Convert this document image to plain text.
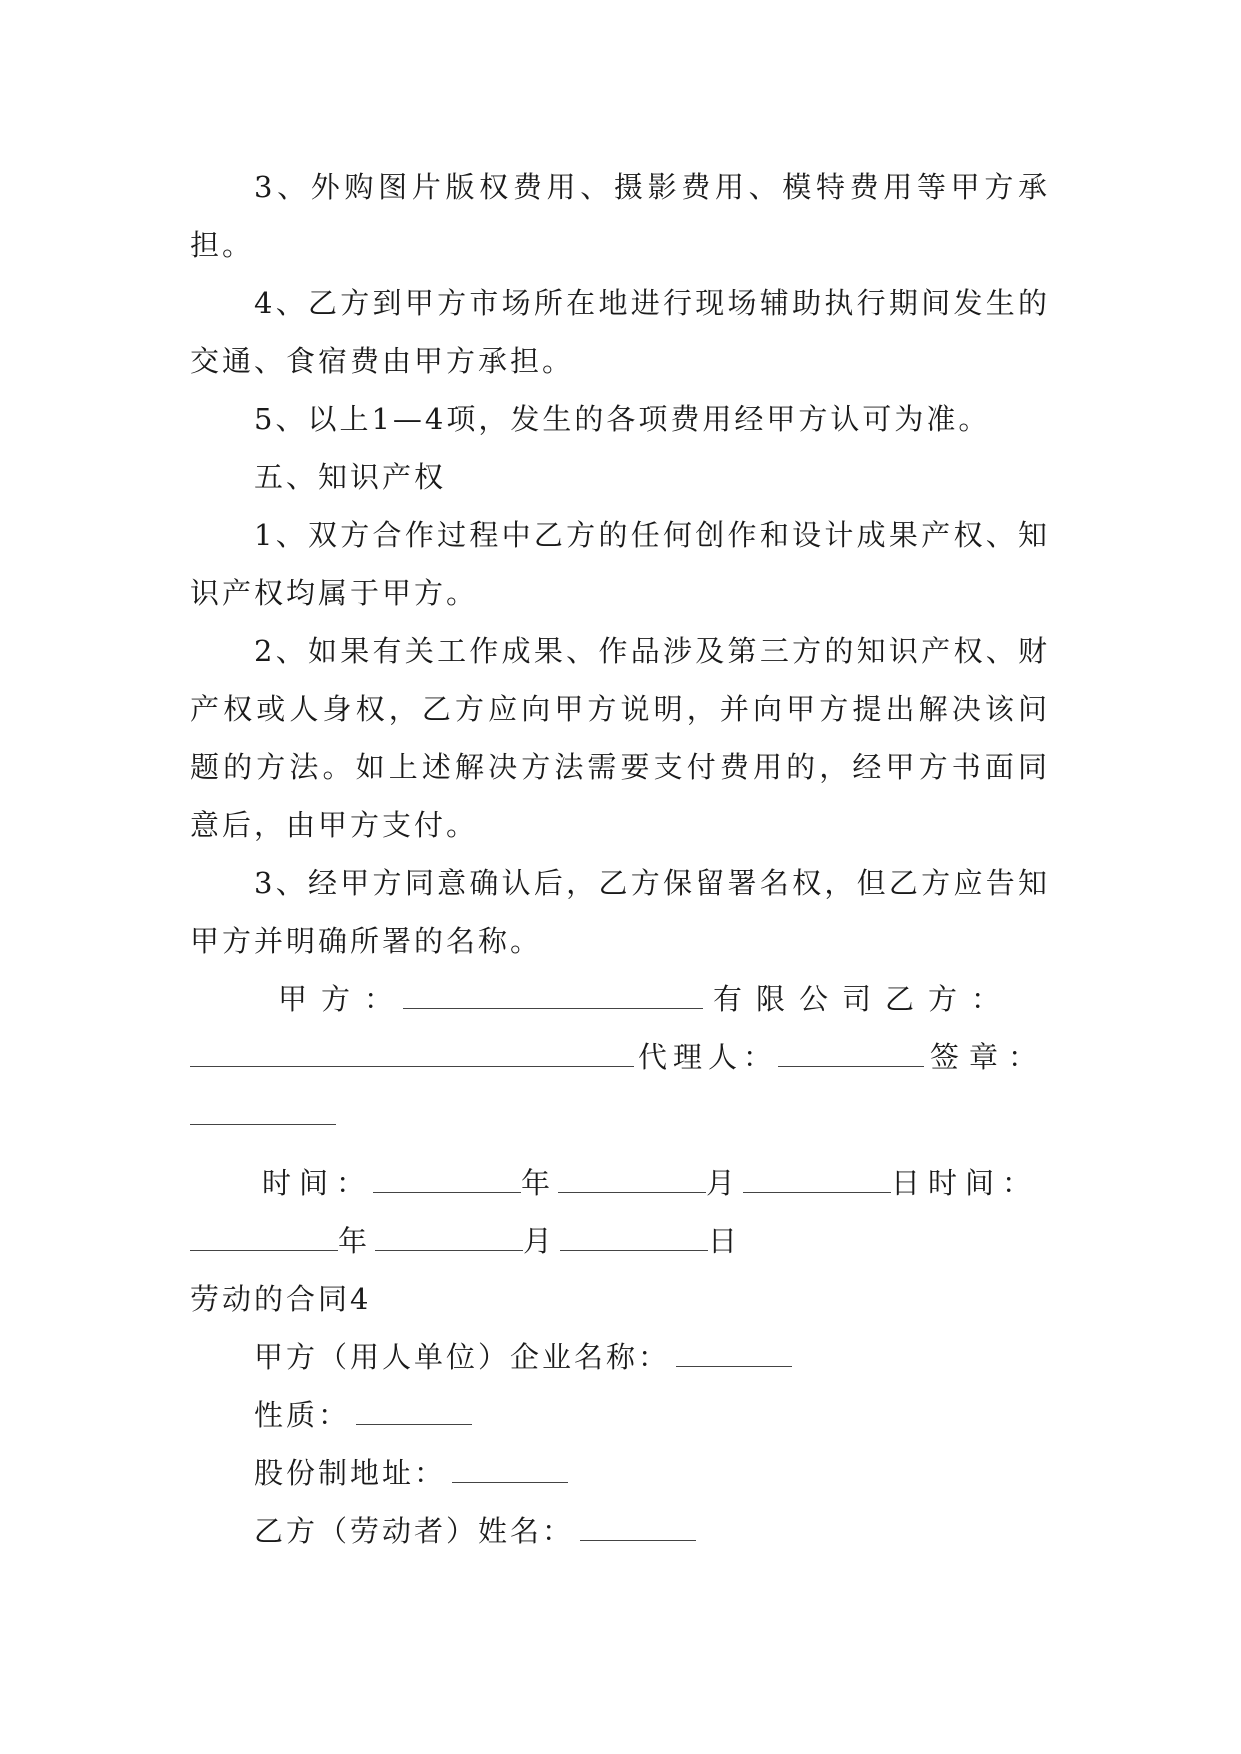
3、外购图片版权费用、摄影费用、模特费用等甲方承担。

4、乙方到甲方市场所在地进行现场辅助执行期间发生的交通、食宿费由甲方承担。

5、以上1—4项，发生的各项费用经甲方认可为准。

五、知识产权

1、双方合作过程中乙方的任何创作和设计成果产权、知识产权均属于甲方。

2、如果有关工作成果、作品涉及第三方的知识产权、财产权或人身权，乙方应向甲方说明，并向甲方提出解决该问题的方法。如上述解决方法需要支付费用的，经甲方书面同意后，由甲方支付。

3、经甲方同意确认后，乙方保留署名权，但乙方应告知甲方并明确所署的名称。

甲方：	有限公司乙方：代理人：	签章：
时间：	年	月	日时间：年	月	日

劳动的合同4

甲方（用人单位）企业名称：

性质：

股份制地址：

乙方（劳动者）姓名：
